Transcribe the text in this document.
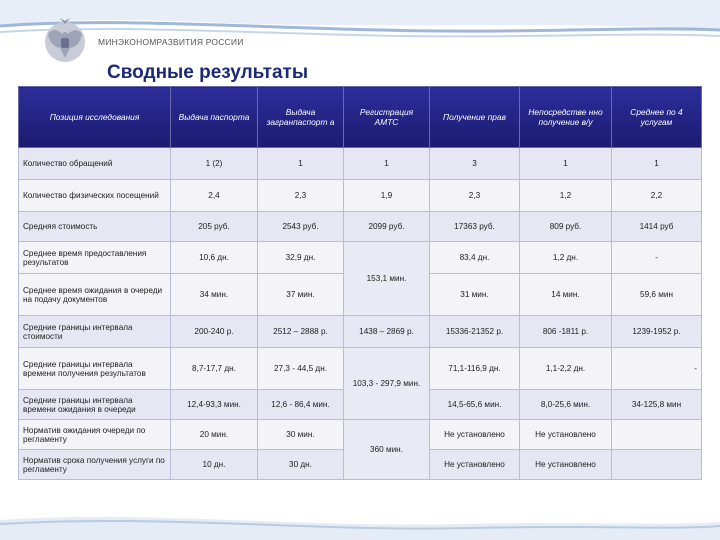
МИНЭКОНОМРАЗВИТИЯ РОССИИ
Сводные результаты
Позиция исследования	Выдача паспорта	Выдача загранпаспорт а	Регистрация АМТС	Получение прав	Непосредстве нно получение в/у	Среднее по 4 услугам
Количество обращений	1 (2)	1	1	3	1	1
Количество физических посещений	2,4	2,3	1,9	2,3	1,2	2,2
Средняя стоимость	205 руб.	2543 руб.	2099 руб.	17363 руб.	809 руб.	1414 руб
Среднее время предоставления результатов	10,6 дн.	32,9 дн.	153,1 мин.	83,4 дн.	1,2 дн.	-
Среднее время ожидания в очереди на подачу документов	34 мин.	37 мин.		31 мин.	14 мин.	59,6 мин
Средние границы интервала стоимости	200-240 р.	2512 – 2888 р.	1438 – 2869 р.	15336-21352 р.	806 -1811 р.	1239-1952 р.
Средние границы интервала времени получения результатов	8,7-17,7 дн.	27,3 - 44,5 дн.	103,3 - 297,9 мин.	71,1-116,9 дн.	1,1-2,2 дн.	-
Средние границы интервала времени ожидания в очереди	12,4-93,3 мин.	12,6 - 86,4 мин.		14,5-65,6 мин.	8,0-25,6 мин.	34-125,8 мин
Норматив ожидания очереди по регламенту	20 мин.	30 мин.	360 мин.	Не установлено	Не установлено	
Норматив срока получения услуги по регламенту	10 дн.	30 дн.		Не установлено	Не установлено	
